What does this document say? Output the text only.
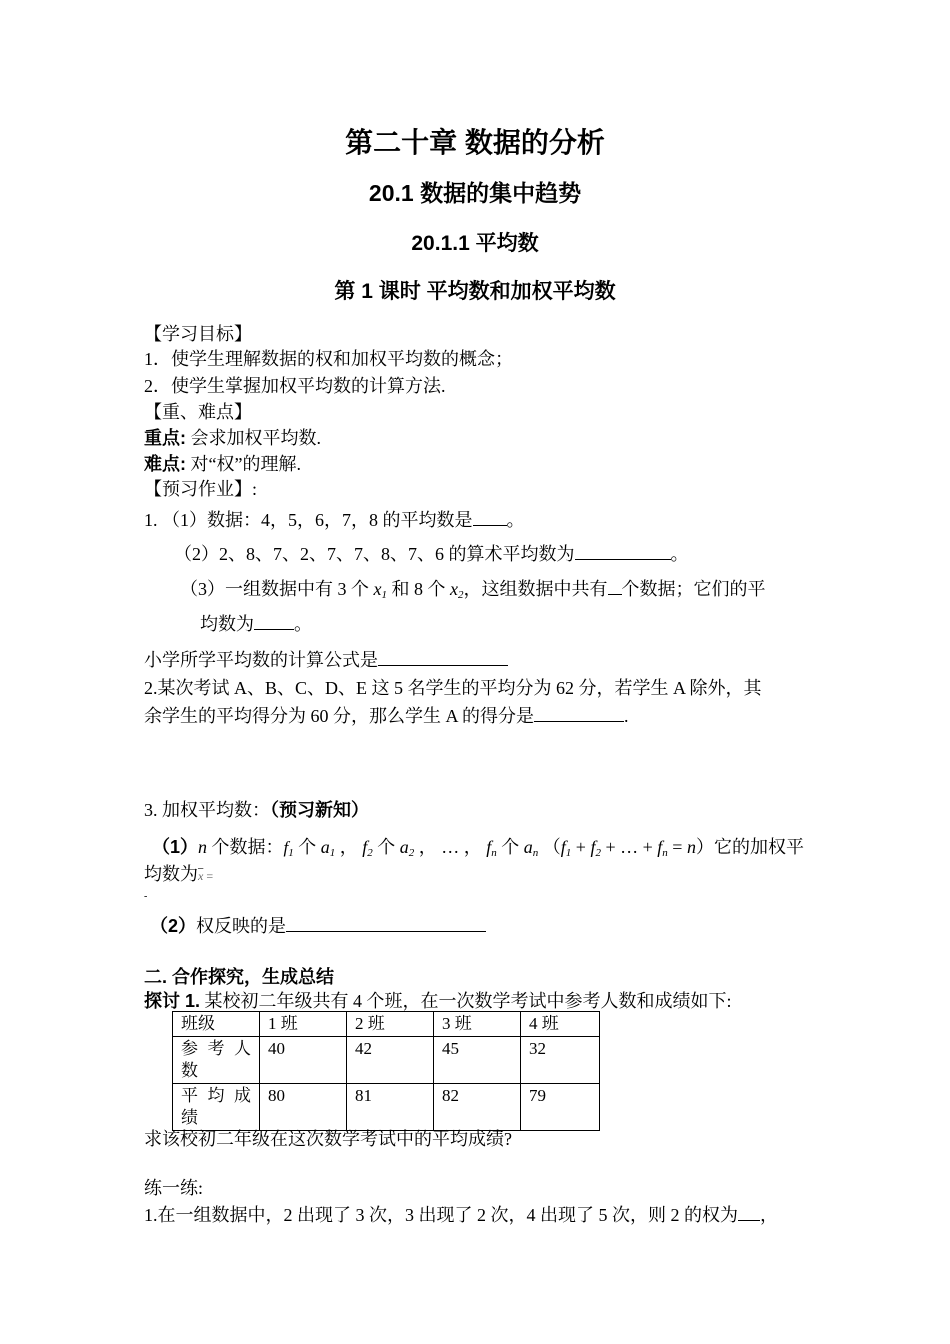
第二十章 数据的分析
20.1 数据的集中趋势
20.1.1 平均数
第 1 课时 平均数和加权平均数
【学习目标】
1．使学生理解数据的权和加权平均数的概念；
2．使学生掌握加权平均数的计算方法.
【重、难点】
重点: 会求加权平均数.
难点: 对“权”的理解.
【预习作业】:
1. （1）数据：4，5，6，7，8 的平均数是 。
（2）2、8、7、2、7、7、8、7、6 的算术平均数为	。
（3）一组数据中有 3 个 $x_1$ 和 8 个 $x_2$，这组数据中共有 个数据；它们的平
均数为 。
小学所学平均数的计算公式是
2.某次考试 A、B、C、D、E 这 5 名学生的平均分为 62 分，若学生 A 除外，其
余学生的平均得分为 60 分，那么学生 A 的得分是	.
3. 加权平均数：（预习新知）
（1）n 个数据：$f_1$ 个 $a_1$ ， $f_2$ 个 $a_2$ ， … ， $f_n$ 个 $a_n$ （$f_1 + f_2$ + … + $f_n = n$）它的加权平
均数为$\overline{x}$ =
-
（2）权反映的是
二. 合作探究，生成总结
探讨 1. 某校初二年级共有 4 个班，在一次数学考试中参考人数和成绩如下:
班级	1 班	2 班	3 班	4 班

参考人
数	40	42	45	32

平均成
绩	80	81	82	79
求该校初二年级在这次数学考试中的平均成绩?
练一练:
1.在一组数据中，2 出现了 3 次，3 出现了 2 次，4 出现了 5 次，则 2 的权为 ，
